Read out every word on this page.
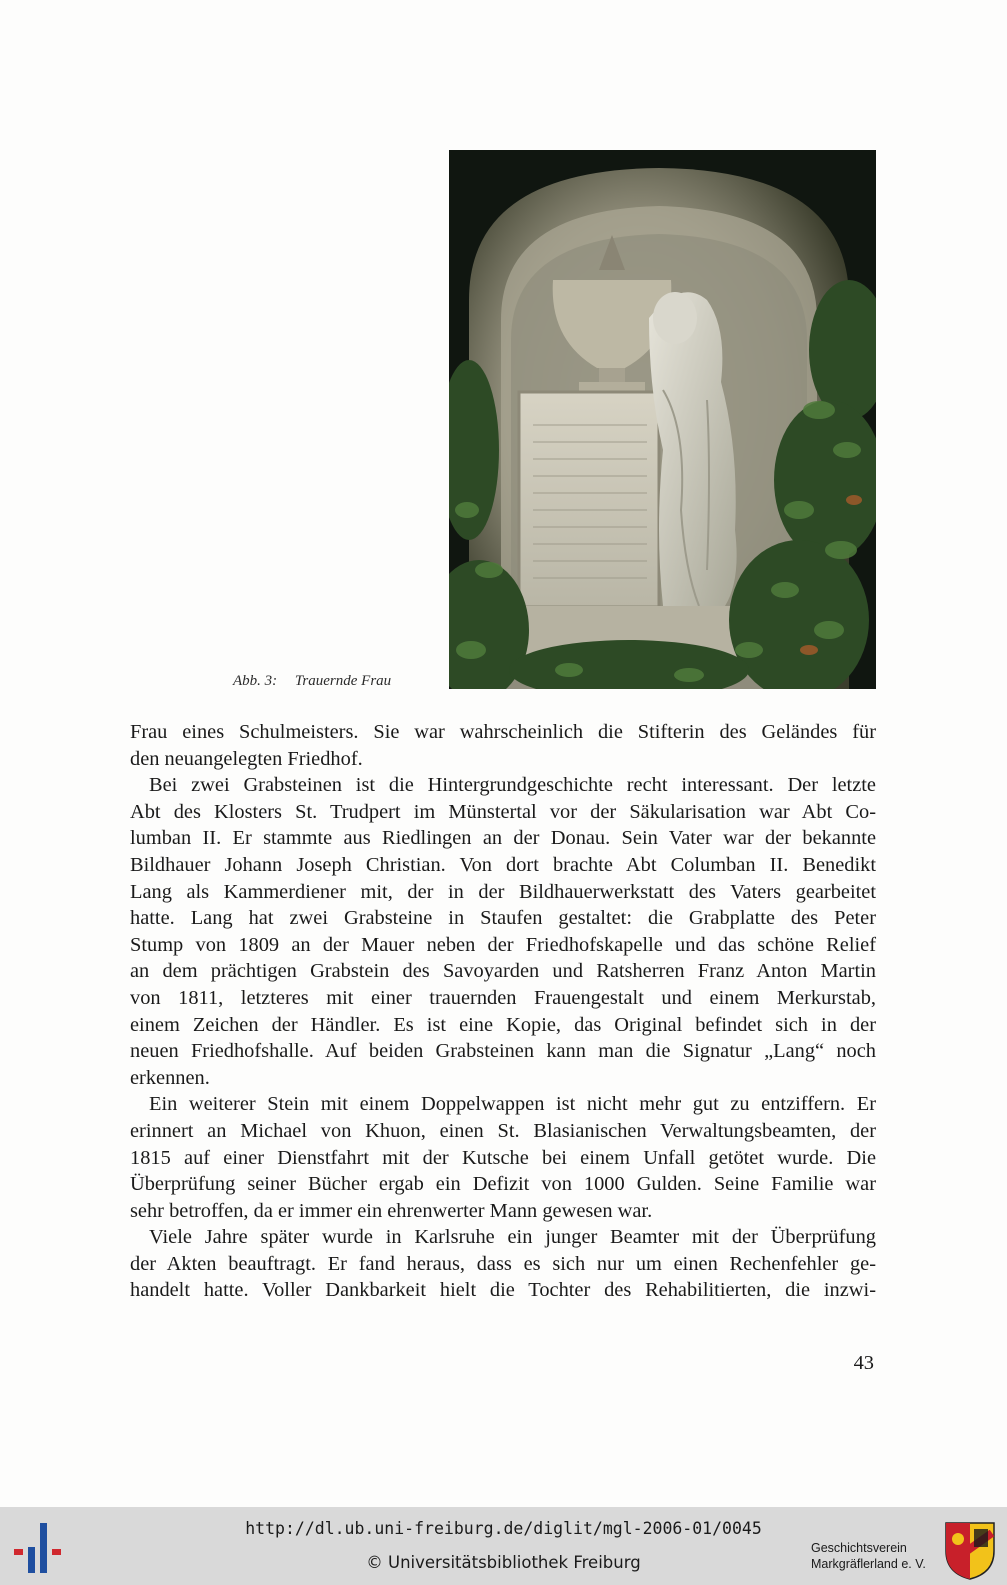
Abb. 3: Trauernde Frau
Frau eines Schulmeisters. Sie war wahrscheinlich die Stifterin des Geländes für
den neuangelegten Friedhof.
Bei zwei Grabsteinen ist die Hintergrundgeschichte recht interessant. Der letzte
Abt des Klosters St. Trudpert im Münstertal vor der Säkularisation war Abt Co-
lumban II. Er stammte aus Riedlingen an der Donau. Sein Vater war der bekannte
Bildhauer Johann Joseph Christian. Von dort brachte Abt Columban II. Benedikt
Lang als Kammerdiener mit, der in der Bildhauerwerkstatt des Vaters gearbeitet
hatte. Lang hat zwei Grabsteine in Staufen gestaltet: die Grabplatte des Peter
Stump von 1809 an der Mauer neben der Friedhofskapelle und das schöne Relief
an dem prächtigen Grabstein des Savoyarden und Ratsherren Franz Anton Martin
von 1811, letzteres mit einer trauernden Frauengestalt und einem Merkurstab,
einem Zeichen der Händler. Es ist eine Kopie, das Original befindet sich in der
neuen Friedhofshalle. Auf beiden Grabsteinen kann man die Signatur „Lang“ noch
erkennen.
Ein weiterer Stein mit einem Doppelwappen ist nicht mehr gut zu entziffern. Er
erinnert an Michael von Khuon, einen St. Blasianischen Verwaltungsbeamten, der
1815 auf einer Dienstfahrt mit der Kutsche bei einem Unfall getötet wurde. Die
Überprüfung seiner Bücher ergab ein Defizit von 1000 Gulden. Seine Familie war
sehr betroffen, da er immer ein ehrenwerter Mann gewesen war.
Viele Jahre später wurde in Karlsruhe ein junger Beamter mit der Überprüfung
der Akten beauftragt. Er fand heraus, dass es sich nur um einen Rechenfehler ge-
handelt hatte. Voller Dankbarkeit hielt die Tochter des Rehabilitierten, die inzwi-
43
http://dl.ub.uni-freiburg.de/diglit/mgl-2006-01/0045
© Universitätsbibliothek Freiburg
Geschichtsverein
Markgräflerland e. V.
